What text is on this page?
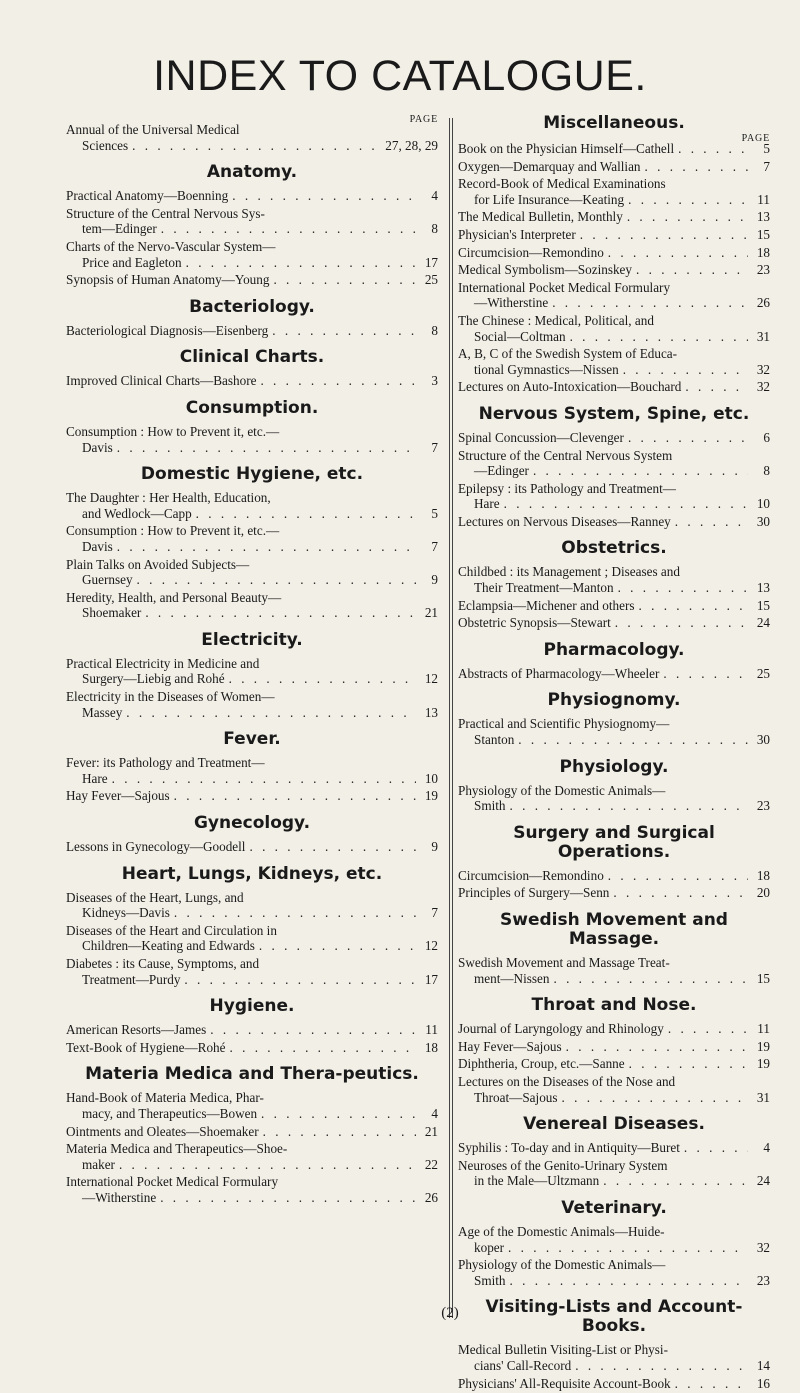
INDEX TO CATALOGUE.
PAGE
Annual of the Universal Medical
Sciences . . .	27, 28, 29
Anatomy.
Practical Anatomy—Boenning . . .	4
Structure of the Central Nervous Sys-
tem—Edinger . . .	8
Charts of the Nervo-Vascular System—
Price and Eagleton . . .	17
Synopsis of Human Anatomy—Young . . .	25
Bacteriology.
Bacteriological Diagnosis—Eisenberg . . .	8
Clinical Charts.
Improved Clinical Charts—Bashore . . .	3
Consumption.
Consumption : How to Prevent it, etc.—
Davis . . .	7
Domestic Hygiene, etc.
The Daughter : Her Health, Education,
and Wedlock—Capp . . .	5
Consumption : How to Prevent it, etc.—
Davis . . .	7
Plain Talks on Avoided Subjects—
Guernsey . . .	9
Heredity, Health, and Personal Beauty—
Shoemaker . . .	21
Electricity.
Practical Electricity in Medicine and
Surgery—Liebig and Rohé . . .	12
Electricity in the Diseases of Women—
Massey . . .	13
Fever.
Fever: its Pathology and Treatment—
Hare . . .	10
Hay Fever—Sajous . . .	19
Gynecology.
Lessons in Gynecology—Goodell . . .	9
Heart, Lungs, Kidneys, etc.
Diseases of the Heart, Lungs, and
Kidneys—Davis . . .	7
Diseases of the Heart and Circulation in
Children—Keating and Edwards . . .	12
Diabetes : its Cause, Symptoms, and
Treatment—Purdy . . .	17
Hygiene.
American Resorts—James . . .	11
Text-Book of Hygiene—Rohé . . .	18
Materia Medica and Thera-peutics.
Hand-Book of Materia Medica, Phar-
macy, and Therapeutics—Bowen . . .	4
Ointments and Oleates—Shoemaker . . .	21
Materia Medica and Therapeutics—Shoe-
maker . . .	22
International Pocket Medical Formulary
—Witherstine . . .	26
Miscellaneous.
PAGE
Book on the Physician Himself—Cathell . . .	5
Oxygen—Demarquay and Wallian . . .	7
Record-Book of Medical Examinations
for Life Insurance—Keating . . .	11
The Medical Bulletin, Monthly . . .	13
Physician's Interpreter . . .	15
Circumcision—Remondino . . .	18
Medical Symbolism—Sozinskey . . .	23
International Pocket Medical Formulary
—Witherstine . . .	26
The Chinese : Medical, Political, and
Social—Coltman . . .	31
A, B, C of the Swedish System of Educa-
tional Gymnastics—Nissen . . .	32
Lectures on Auto-Intoxication—Bouchard . . .	32
Nervous System, Spine, etc.
Spinal Concussion—Clevenger . . .	6
Structure of the Central Nervous System
—Edinger . . .	8
Epilepsy : its Pathology and Treatment—
Hare . . .	10
Lectures on Nervous Diseases—Ranney . . .	30
Obstetrics.
Childbed : its Management ; Diseases and
Their Treatment—Manton . . .	13
Eclampsia—Michener and others . . .	15
Obstetric Synopsis—Stewart . . .	24
Pharmacology.
Abstracts of Pharmacology—Wheeler . . .	25
Physiognomy.
Practical and Scientific Physiognomy—
Stanton . . .	30
Physiology.
Physiology of the Domestic Animals—
Smith . . .	23
Surgery and Surgical Operations.
Circumcision—Remondino . . .	18
Principles of Surgery—Senn . . .	20
Swedish Movement and Massage.
Swedish Movement and Massage Treat-
ment—Nissen . . .	15
Throat and Nose.
Journal of Laryngology and Rhinology . . .	11
Hay Fever—Sajous . . .	19
Diphtheria, Croup, etc.—Sanne . . .	19
Lectures on the Diseases of the Nose and
Throat—Sajous . . .	31
Venereal Diseases.
Syphilis : To-day and in Antiquity—Buret . . .	4
Neuroses of the Genito-Urinary System
in the Male—Ultzmann . . .	24
Veterinary.
Age of the Domestic Animals—Huide-
koper . . .	32
Physiology of the Domestic Animals—
Smith . . .	23
Visiting-Lists and Account-Books.
Medical Bulletin Visiting-List or Physi-
cians' Call-Record . . .	14
Physicians' All-Requisite Account-Book . . .	16
(2)
